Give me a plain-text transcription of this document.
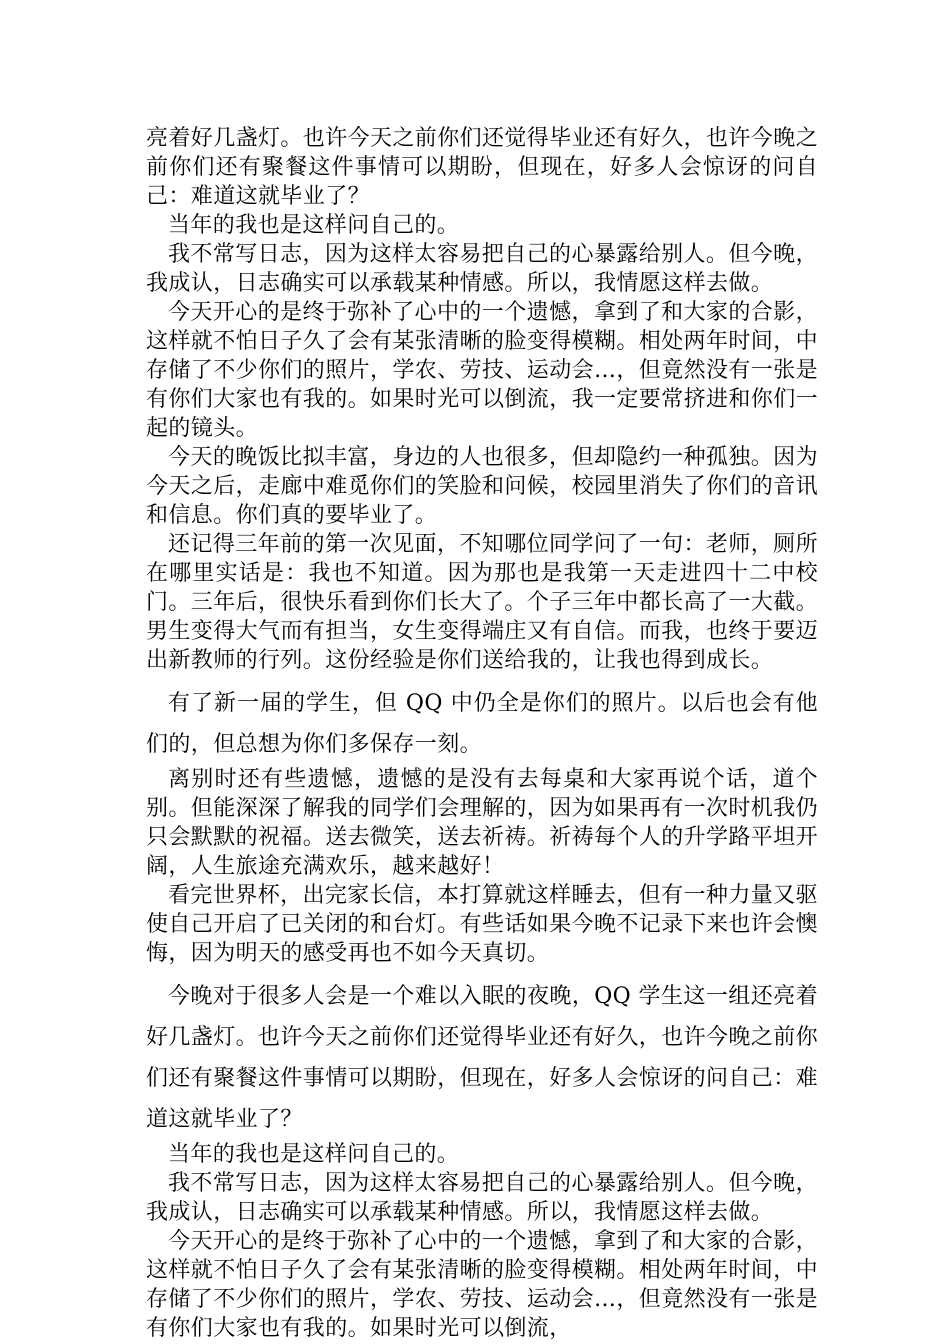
亮着好几盏灯。也许今天之前你们还觉得毕业还有好久，也许今晚之前你们还有聚餐这件事情可以期盼，但现在，好多人会惊讶的问自己：难道这就毕业了？

当年的我也是这样问自己的。

我不常写日志，因为这样太容易把自己的心暴露给别人。但今晚，我成认，日志确实可以承载某种情感。所以，我情愿这样去做。

今天开心的是终于弥补了心中的一个遗憾，拿到了和大家的合影，这样就不怕日子久了会有某张清晰的脸变得模糊。相处两年时间，中存储了不少你们的照片，学农、劳技、运动会…，但竟然没有一张是有你们大家也有我的。如果时光可以倒流，我一定要常挤进和你们一起的镜头。

今天的晚饭比拟丰富，身边的人也很多，但却隐约一种孤独。因为今天之后，走廊中难觅你们的笑脸和问候，校园里消失了你们的音讯和信息。你们真的要毕业了。

还记得三年前的第一次见面，不知哪位同学问了一句：老师，厕所在哪里实话是：我也不知道。因为那也是我第一天走进四十二中校门。三年后，很快乐看到你们长大了。个子三年中都长高了一大截。男生变得大气而有担当，女生变得端庄又有自信。而我，也终于要迈出新教师的行列。这份经验是你们送给我的，让我也得到成长。

有了新一届的学生，但 QQ 中仍全是你们的照片。以后也会有他们的，但总想为你们多保存一刻。

离别时还有些遗憾，遗憾的是没有去每桌和大家再说个话，道个别。但能深深了解我的同学们会理解的，因为如果再有一次时机我仍只会默默的祝福。送去微笑，送去祈祷。祈祷每个人的升学路平坦开阔，人生旅途充满欢乐，越来越好！

看完世界杯，出完家长信，本打算就这样睡去，但有一种力量又驱使自己开启了已关闭的和台灯。有些话如果今晚不记录下来也许会懊悔，因为明天的感受再也不如今天真切。

今晚对于很多人会是一个难以入眠的夜晚，QQ 学生这一组还亮着好几盏灯。也许今天之前你们还觉得毕业还有好久，也许今晚之前你们还有聚餐这件事情可以期盼，但现在，好多人会惊讶的问自己：难道这就毕业了？

当年的我也是这样问自己的。

我不常写日志，因为这样太容易把自己的心暴露给别人。但今晚，我成认，日志确实可以承载某种情感。所以，我情愿这样去做。

今天开心的是终于弥补了心中的一个遗憾，拿到了和大家的合影，这样就不怕日子久了会有某张清晰的脸变得模糊。相处两年时间，中存储了不少你们的照片，学农、劳技、运动会…，但竟然没有一张是有你们大家也有我的。如果时光可以倒流，
